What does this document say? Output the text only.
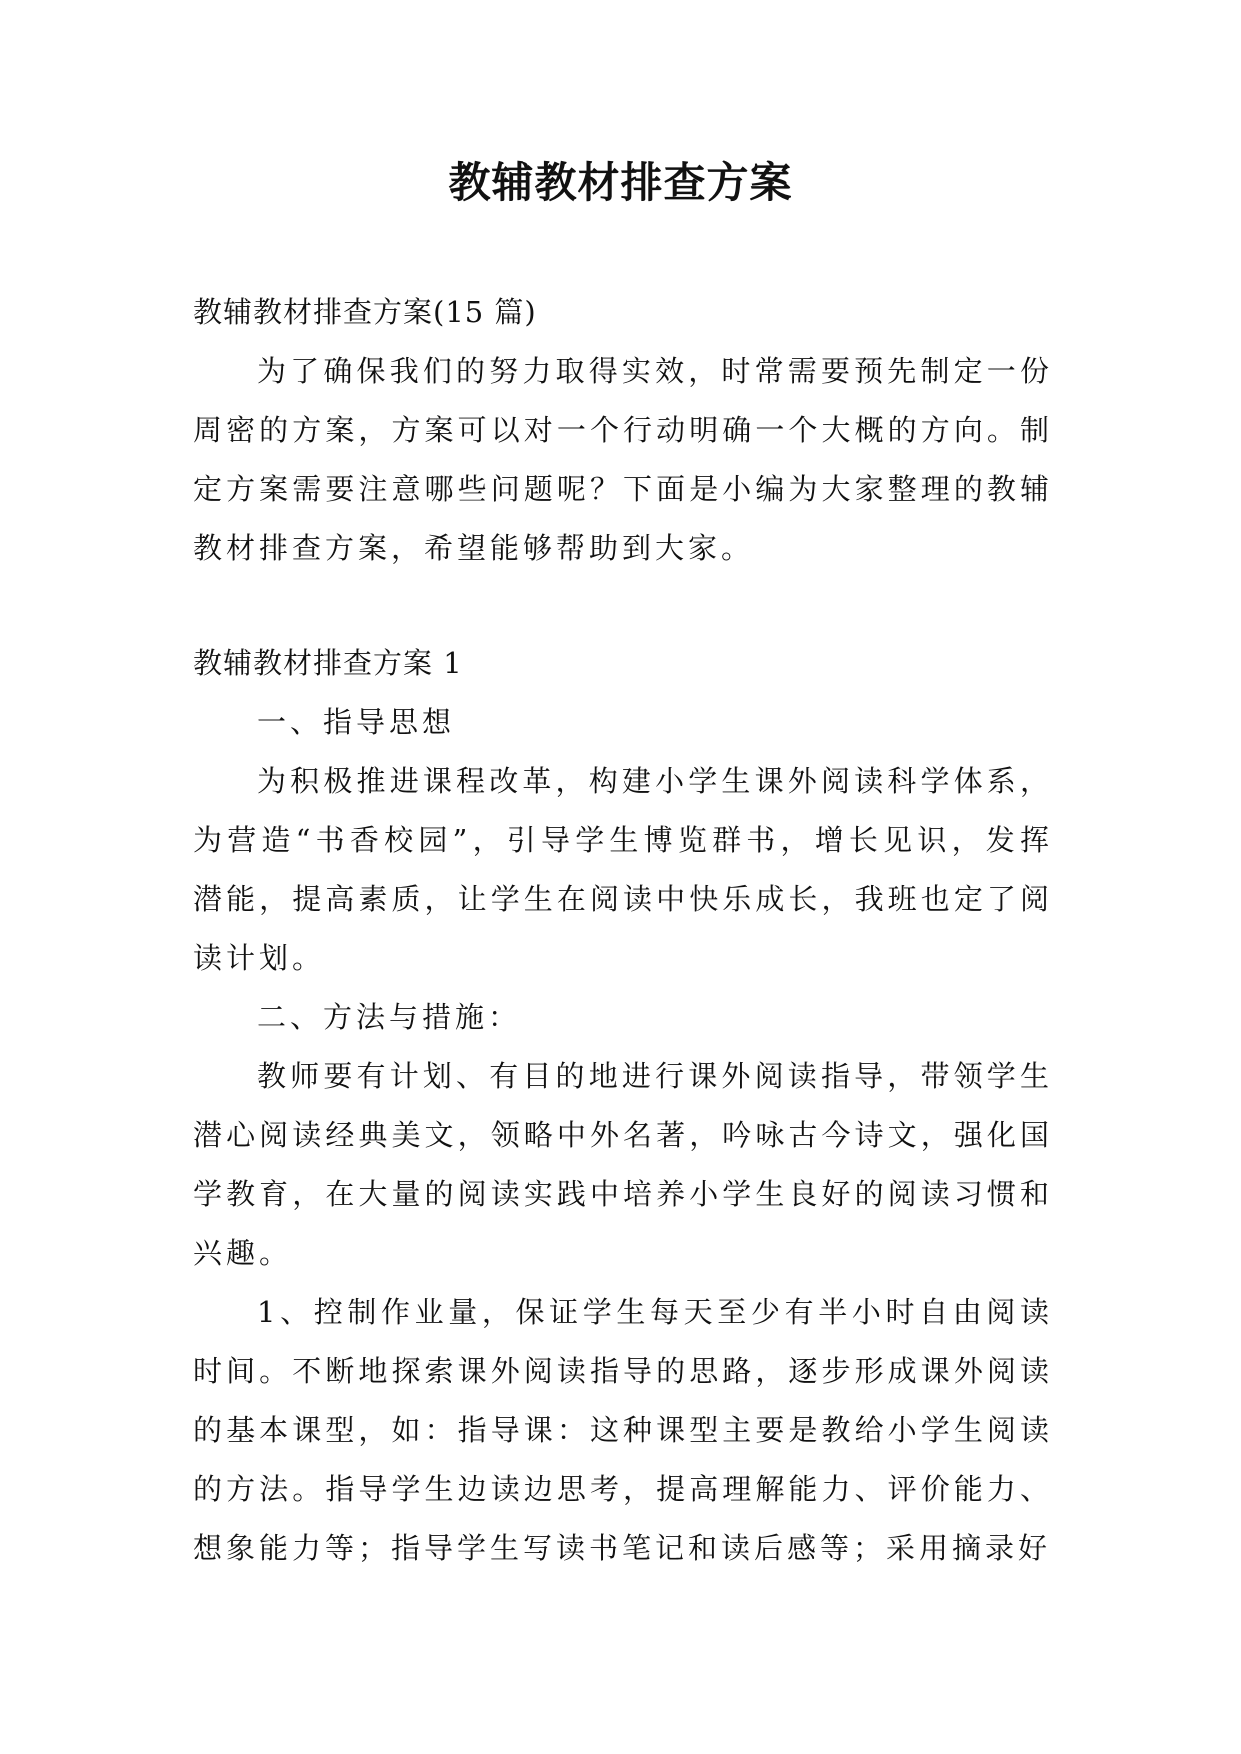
教辅教材排查方案

教辅教材排查方案(15 篇)

为了确保我们的努力取得实效，时常需要预先制定一份周密的方案，方案可以对一个行动明确一个大概的方向。制定方案需要注意哪些问题呢？下面是小编为大家整理的教辅教材排查方案，希望能够帮助到大家。

教辅教材排查方案 1

一、指导思想

为积极推进课程改革，构建小学生课外阅读科学体系，为营造“书香校园”，引导学生博览群书，增长见识，发挥潜能，提高素质，让学生在阅读中快乐成长，我班也定了阅读计划。

二、方法与措施：

教师要有计划、有目的地进行课外阅读指导，带领学生潜心阅读经典美文，领略中外名著，吟咏古今诗文，强化国学教育，在大量的阅读实践中培养小学生良好的阅读习惯和兴趣。

1、控制作业量，保证学生每天至少有半小时自由阅读时间。不断地探索课外阅读指导的思路，逐步形成课外阅读的基本课型，如：指导课：这种课型主要是教给小学生阅读的方法。指导学生边读边思考，提高理解能力、评价能力、想象能力等；指导学生写读书笔记和读后感等；采用摘录好
